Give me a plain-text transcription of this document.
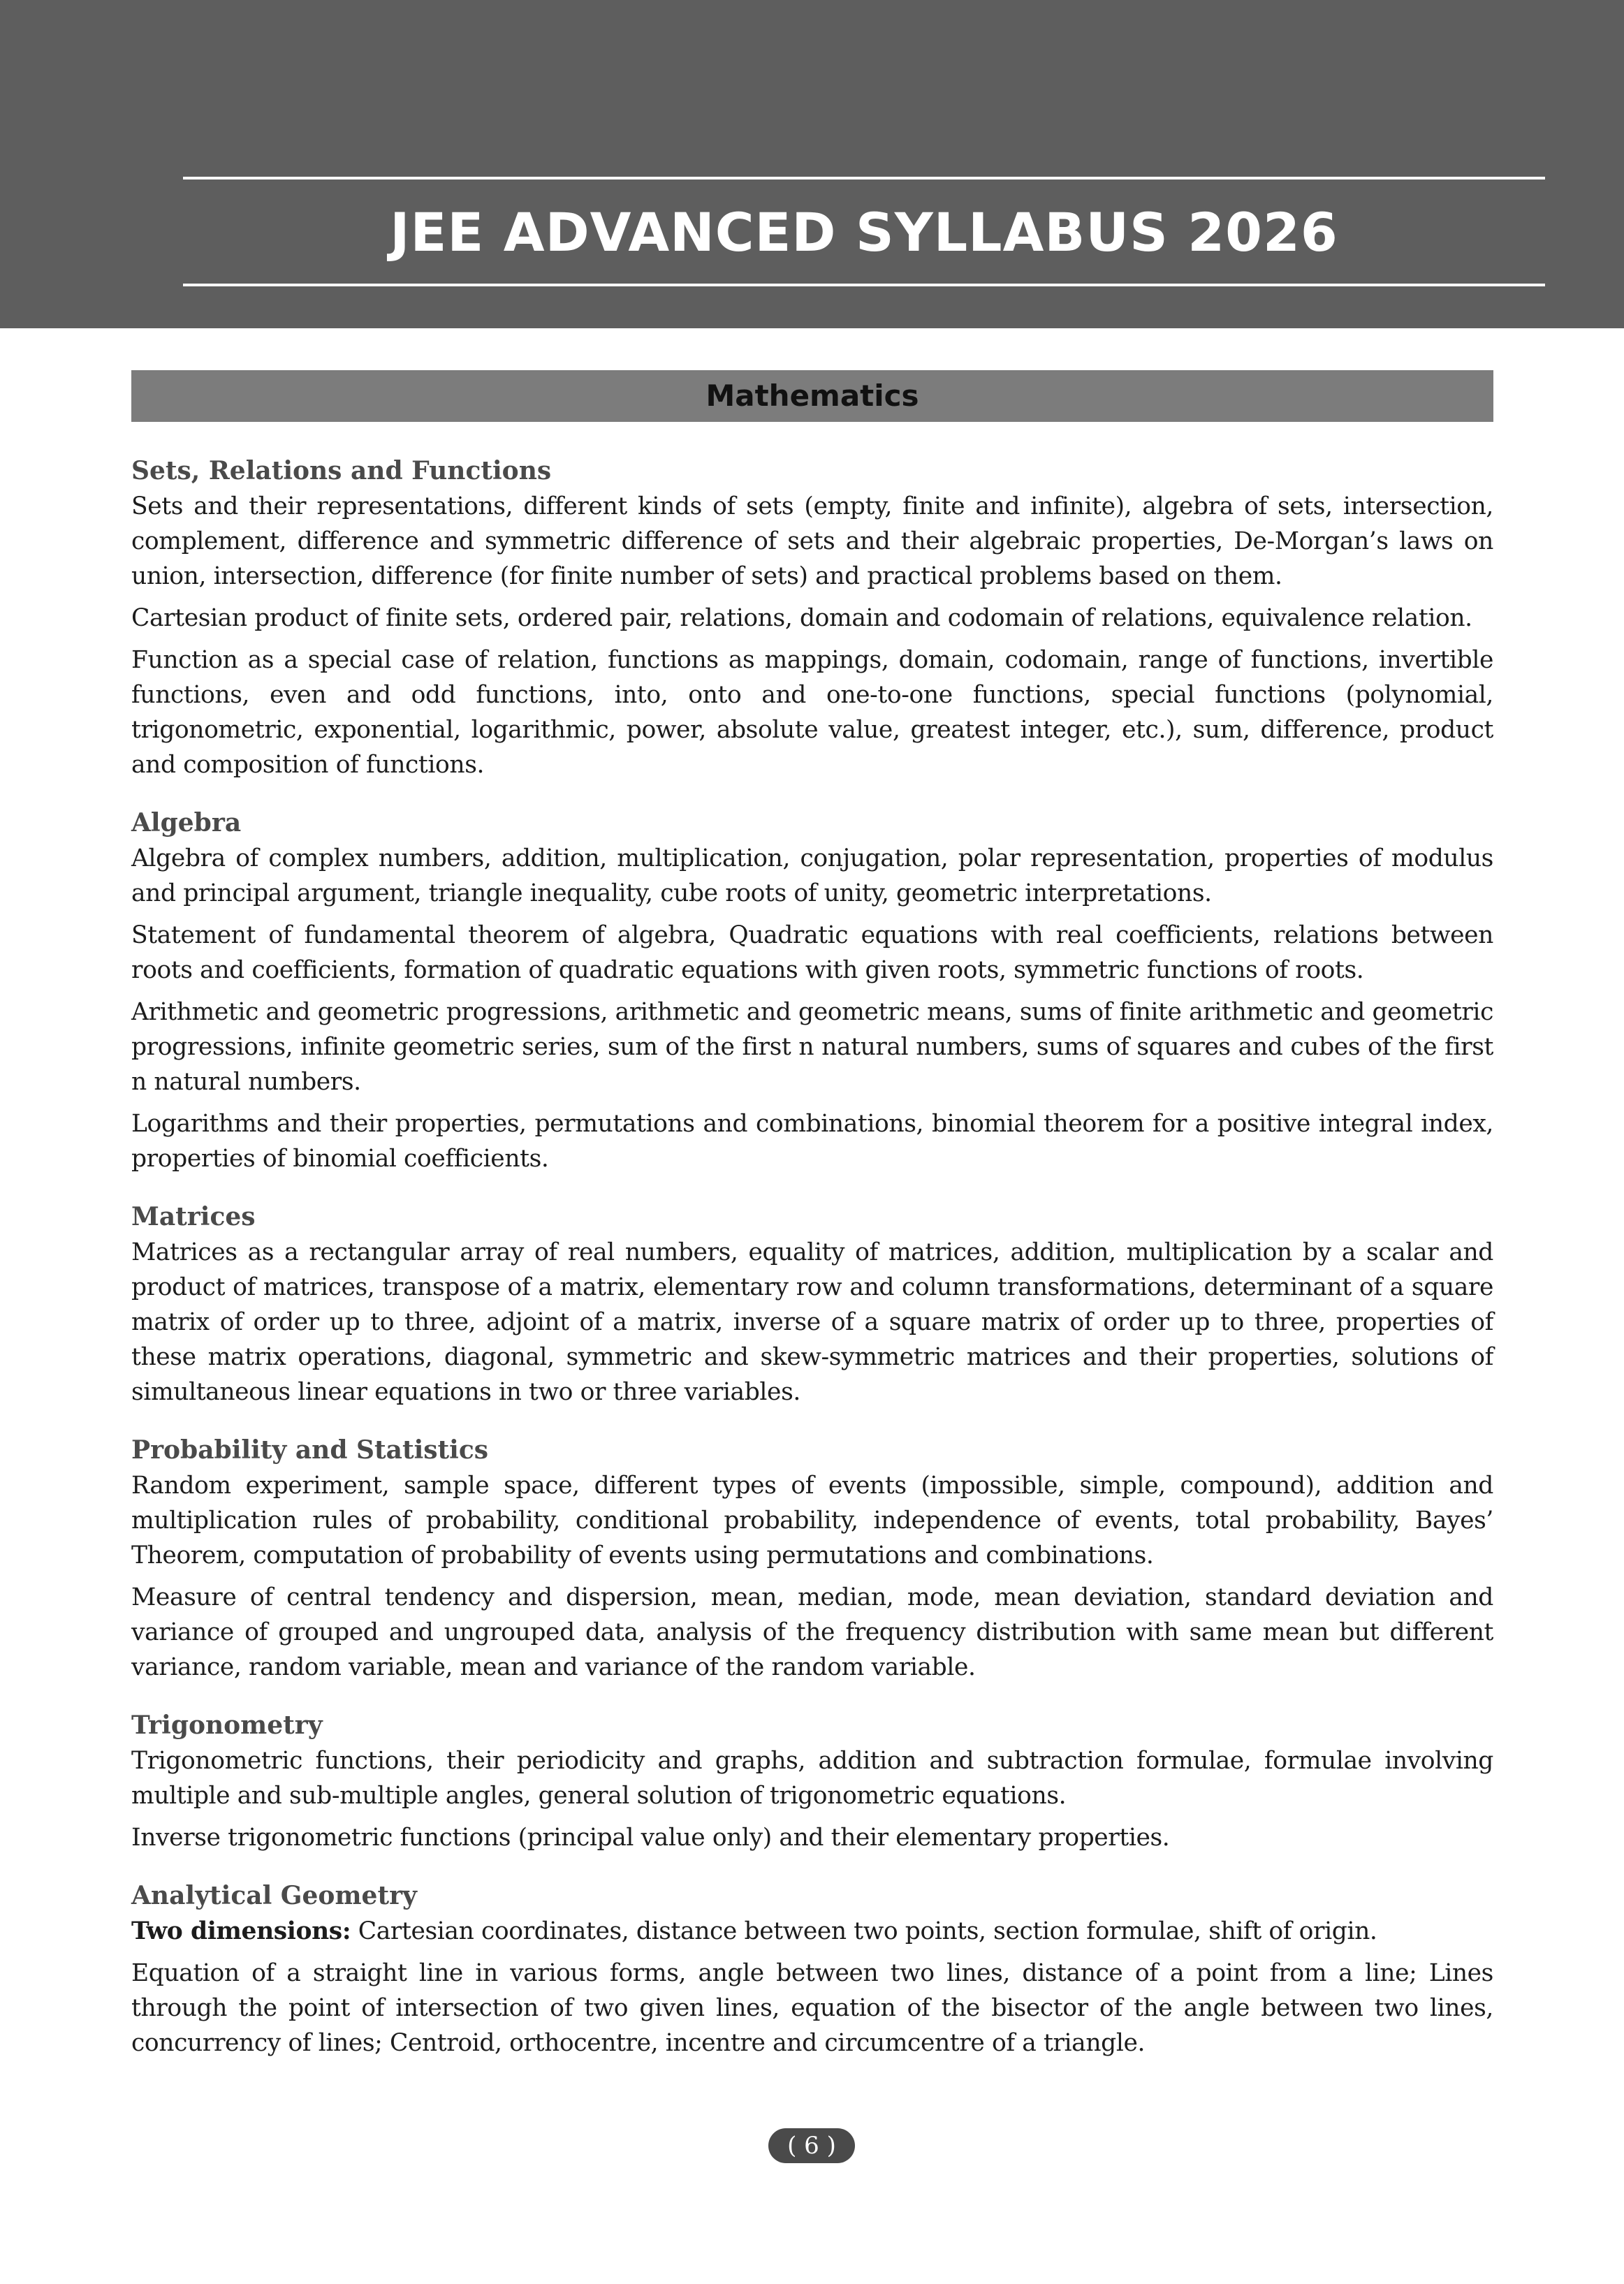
JEE ADVANCED SYLLABUS 2026
Mathematics
Sets, Relations and Functions

Sets and their representations, different kinds of sets (empty, finite and infinite), algebra of sets, intersection, complement, difference and symmetric difference of sets and their algebraic properties, De-Morgan’s laws on union, intersection, difference (for finite number of sets) and practical problems based on them.

Cartesian product of finite sets, ordered pair, relations, domain and codomain of relations, equivalence relation.

Function as a special case of relation, functions as mappings, domain, codomain, range of functions, invertible functions, even and odd functions, into, onto and one-to-one functions, special functions (polynomial, trigonometric, exponential, logarithmic, power, absolute value, greatest integer, etc.), sum, difference, product and composition of functions.

Algebra

Algebra of complex numbers, addition, multiplication, conjugation, polar representation, properties of modulus and principal argument, triangle inequality, cube roots of unity, geometric interpretations.

Statement of fundamental theorem of algebra, Quadratic equations with real coefficients, relations between roots and coefficients, formation of quadratic equations with given roots, symmetric functions of roots.

Arithmetic and geometric progressions, arithmetic and geometric means, sums of finite arithmetic and geometric progressions, infinite geometric series, sum of the first n natural numbers, sums of squares and cubes of the first n natural numbers.

Logarithms and their properties, permutations and combinations, binomial theorem for a positive integral index, properties of binomial coefficients.

Matrices

Matrices as a rectangular array of real numbers, equality of matrices, addition, multiplication by a scalar and product of matrices, transpose of a matrix, elementary row and column transformations, determinant of a square matrix of order up to three, adjoint of a matrix, inverse of a square matrix of order up to three, properties of these matrix operations, diagonal, symmetric and skew-symmetric matrices and their properties, solutions of simultaneous linear equations in two or three variables.

Probability and Statistics

Random experiment, sample space, different types of events (impossible, simple, compound), addition and multiplication rules of probability, conditional probability, independence of events, total probability, Bayes’ Theorem, computation of probability of events using permutations and combinations.

Measure of central tendency and dispersion, mean, median, mode, mean deviation, standard deviation and variance of grouped and ungrouped data, analysis of the frequency distribution with same mean but different variance, random variable, mean and variance of the random variable.

Trigonometry

Trigonometric functions, their periodicity and graphs, addition and subtraction formulae, formulae involving multiple and sub-multiple angles, general solution of trigonometric equations.

Inverse trigonometric functions (principal value only) and their elementary properties.

Analytical Geometry

Two dimensions: Cartesian coordinates, distance between two points, section formulae, shift of origin.

Equation of a straight line in various forms, angle between two lines, distance of a point from a line; Lines through the point of intersection of two given lines, equation of the bisector of the angle between two lines, concurrency of lines; Centroid, orthocentre, incentre and circumcentre of a triangle.

( 6 )
